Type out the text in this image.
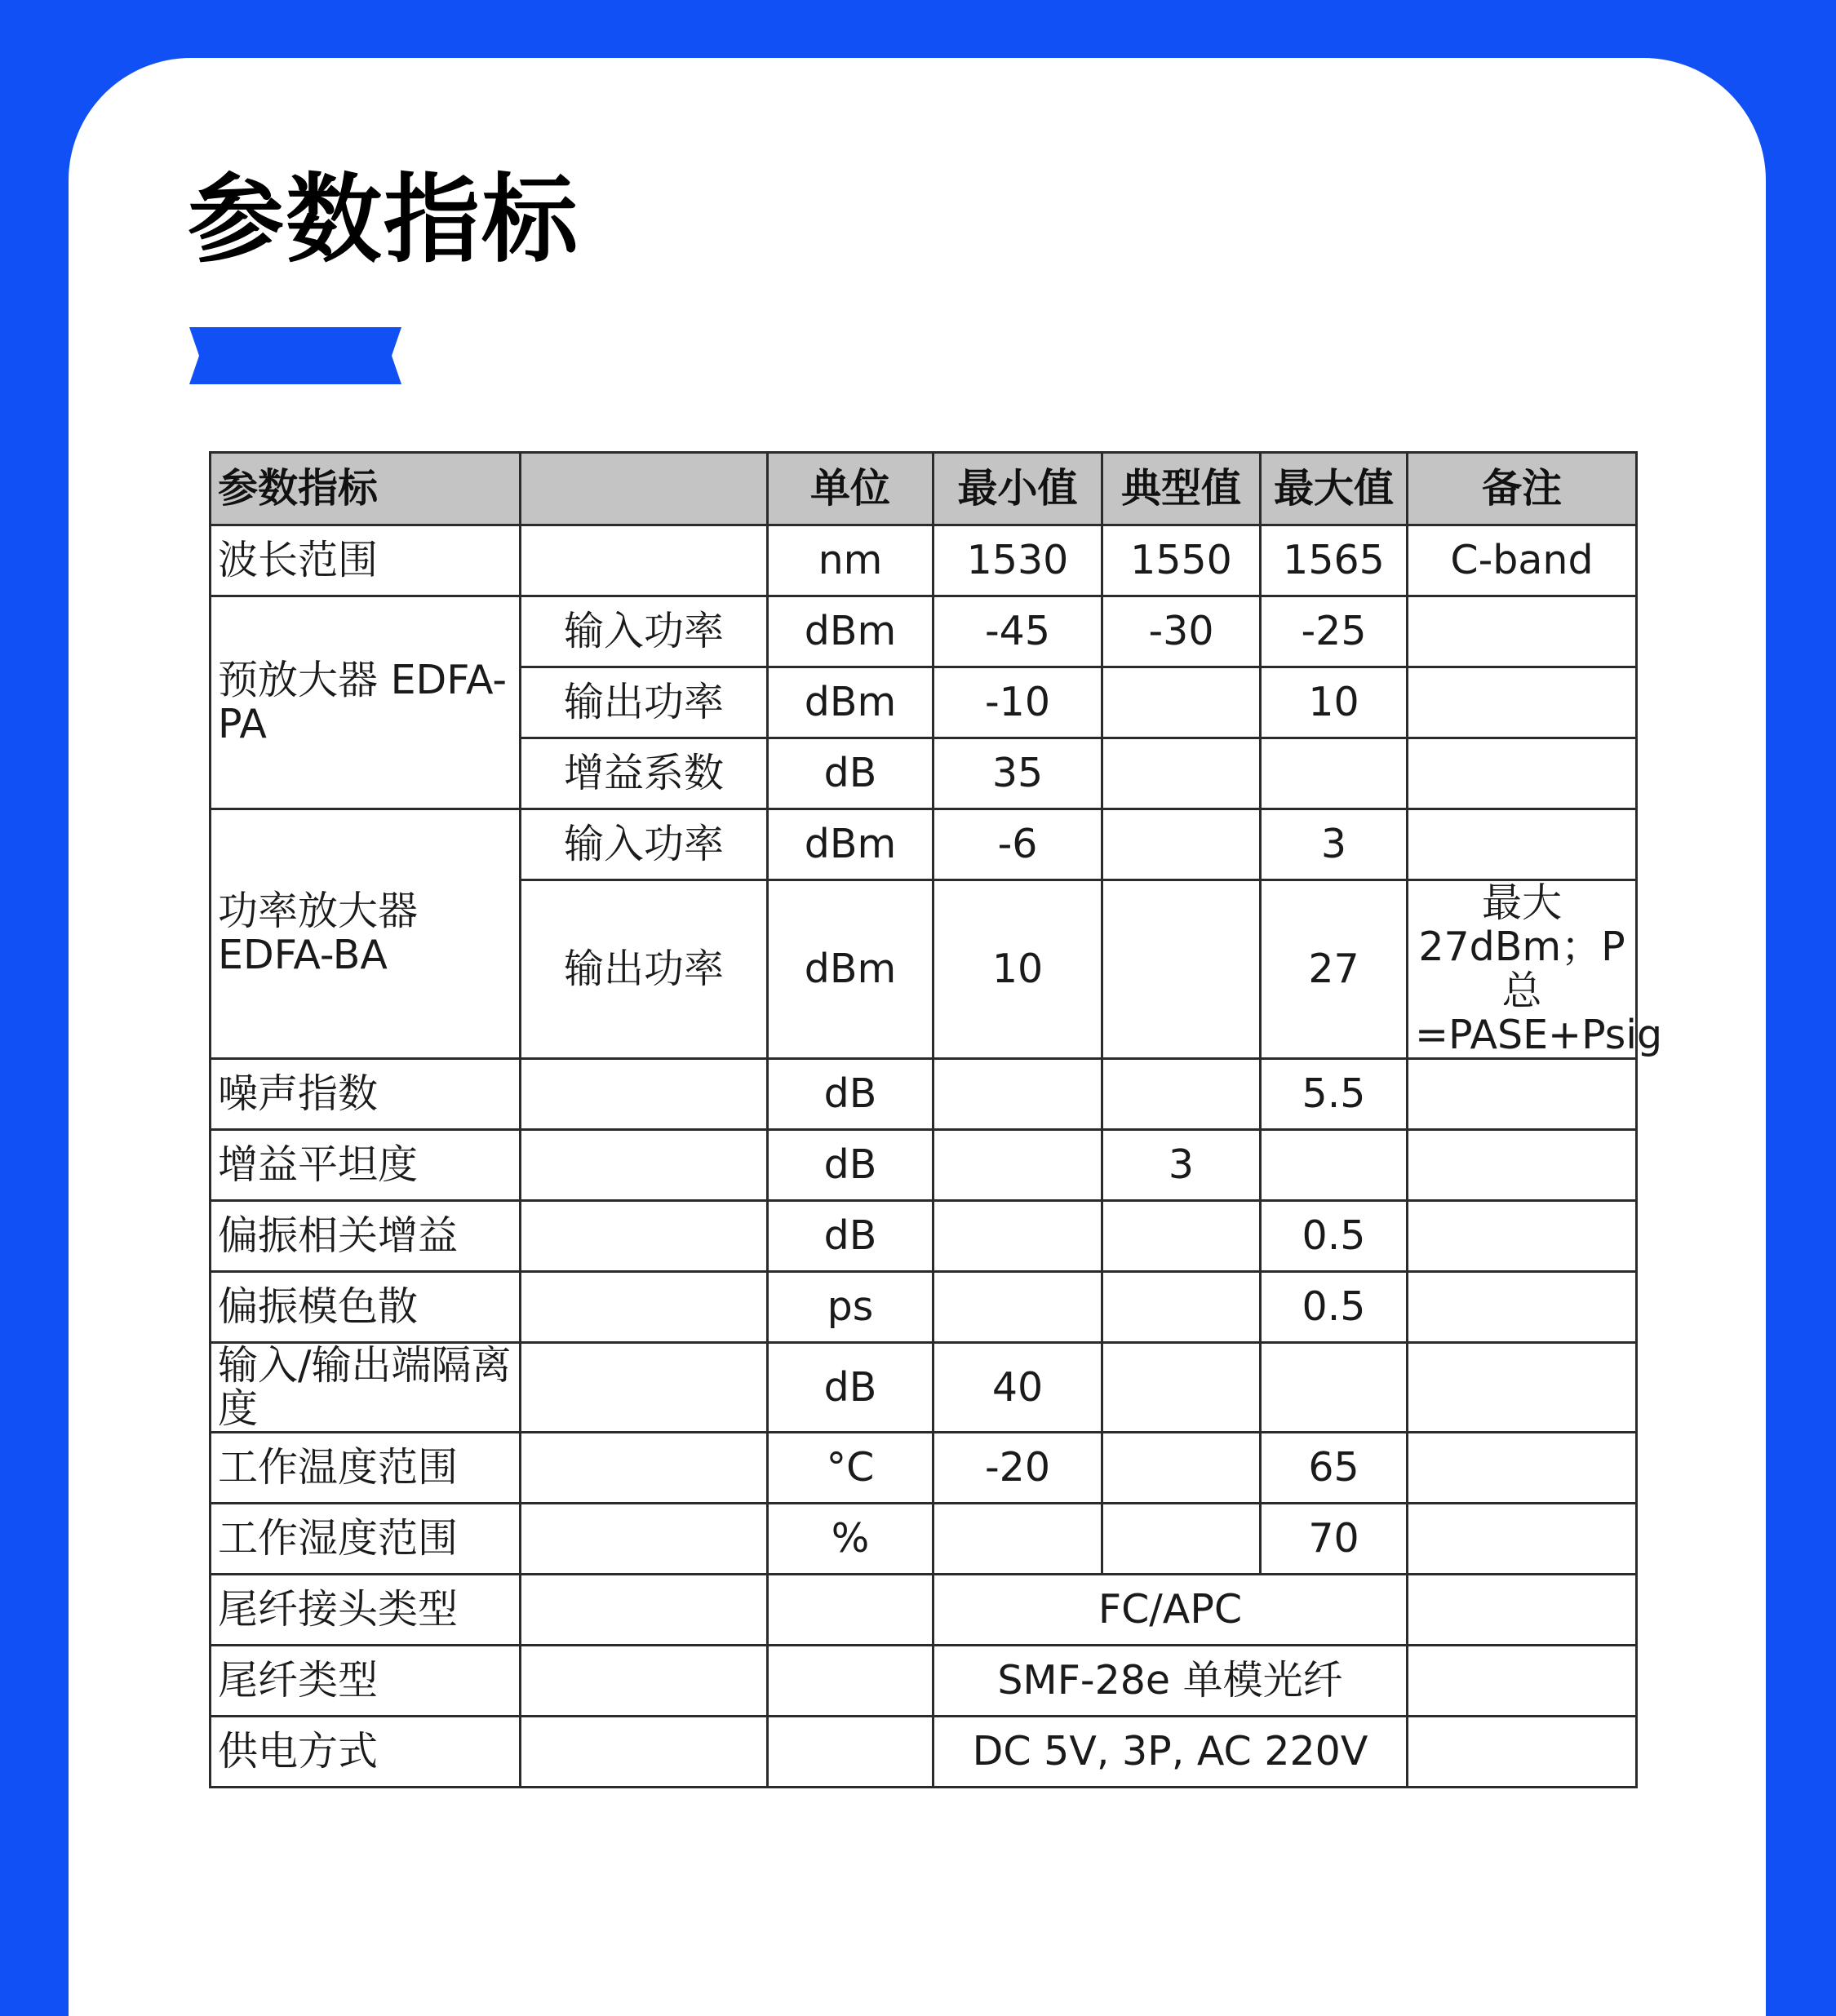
参数指标
参数指标		单位	最小值	典型值	最大值	备注
波长范围		nm	1530	1550	1565	C-band
预放大器 EDFA-PA	输入功率	dBm	-45	-30	-25	
	输出功率	dBm	-10		10	
	增益系数	dB	35			
功率放大器EDFA-BA	输入功率	dBm	-6		3	
	输出功率	dBm	10		27	最大 27dBm；P 总=PASE+Psig
噪声指数		dB			5.5	
增益平坦度		dB		3		
偏振相关增益		dB			0.5	
偏振模色散		ps			0.5	
输入/输出端隔离度		dB	40			
工作温度范围		°C	-20		65	
工作湿度范围		%			70	
尾纤接头类型			FC/APC			
尾纤类型			SMF-28e 单模光纤			
供电方式			DC 5V, 3P, AC 220V			
